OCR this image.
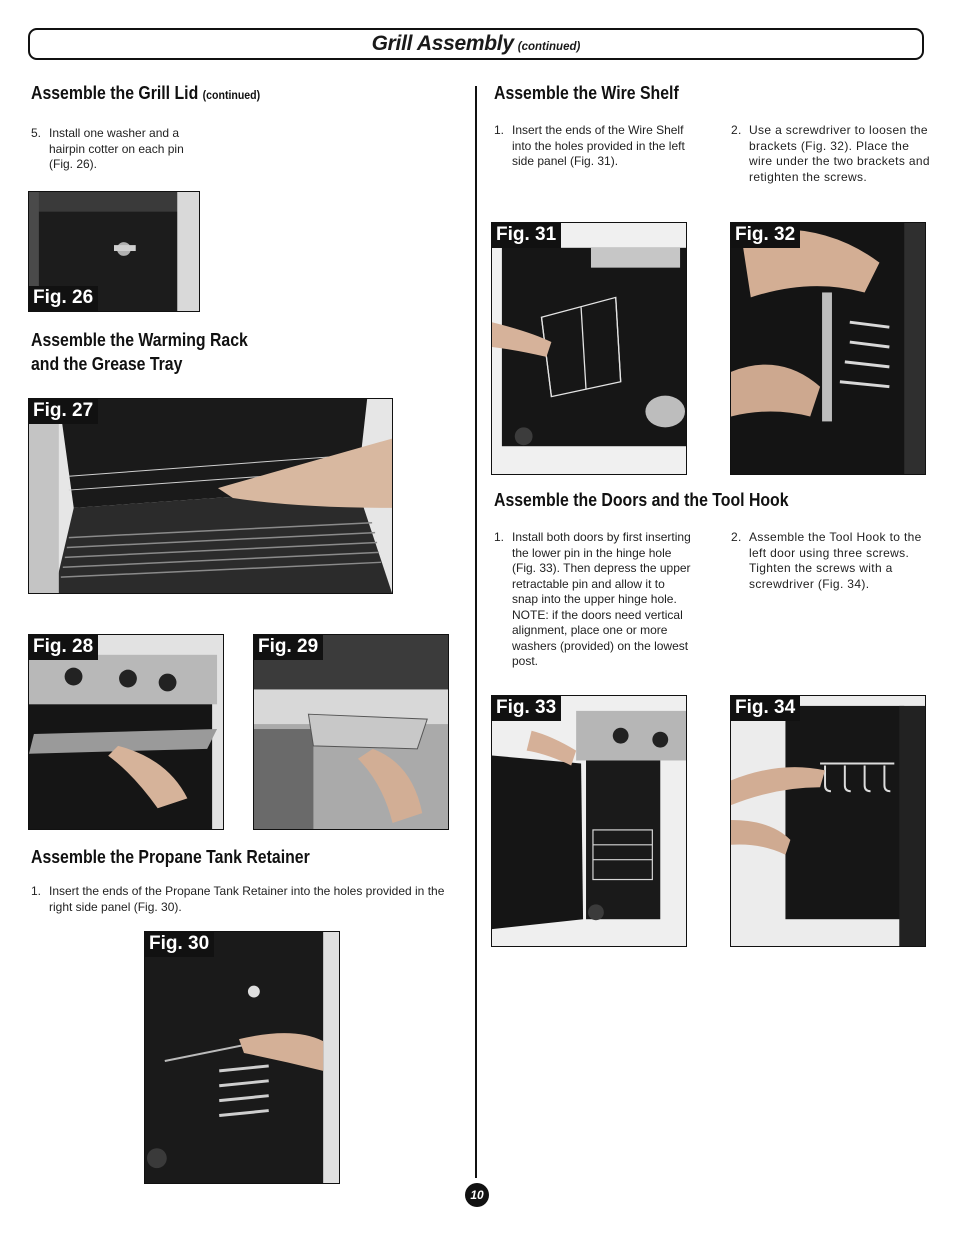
Grill Assembly (continued)
Assemble the Grill Lid (continued)
5. Install one washer and a hairpin cotter on each pin (Fig. 26).
Fig. 26
Assemble the Warming Rack
and the Grease Tray
Fig. 27
Fig. 28	Fig. 29
Assemble the Propane Tank Retainer
1. Insert the ends of the Propane Tank Retainer into the holes provided in the right side panel (Fig. 30).
Fig. 30
Assemble the Wire Shelf
1. Insert the ends of the Wire Shelf into the holes provided in the left side panel (Fig. 31).
2. Use a screwdriver to loosen the brackets (Fig. 32). Place the wire under the two brackets and retighten the screws.
Fig. 31	Fig. 32
Assemble the Doors and the Tool Hook
1. Install both doors by first inserting the lower pin in the hinge hole (Fig. 33). Then depress the upper retractable pin and allow it to snap into the upper hinge hole. NOTE: if the doors need vertical alignment, place one or more washers (provided) on the lowest post.
2. Assemble the Tool Hook to the left door using three screws. Tighten the screws with a screwdriver (Fig. 34).
Fig. 33	Fig. 34
10
